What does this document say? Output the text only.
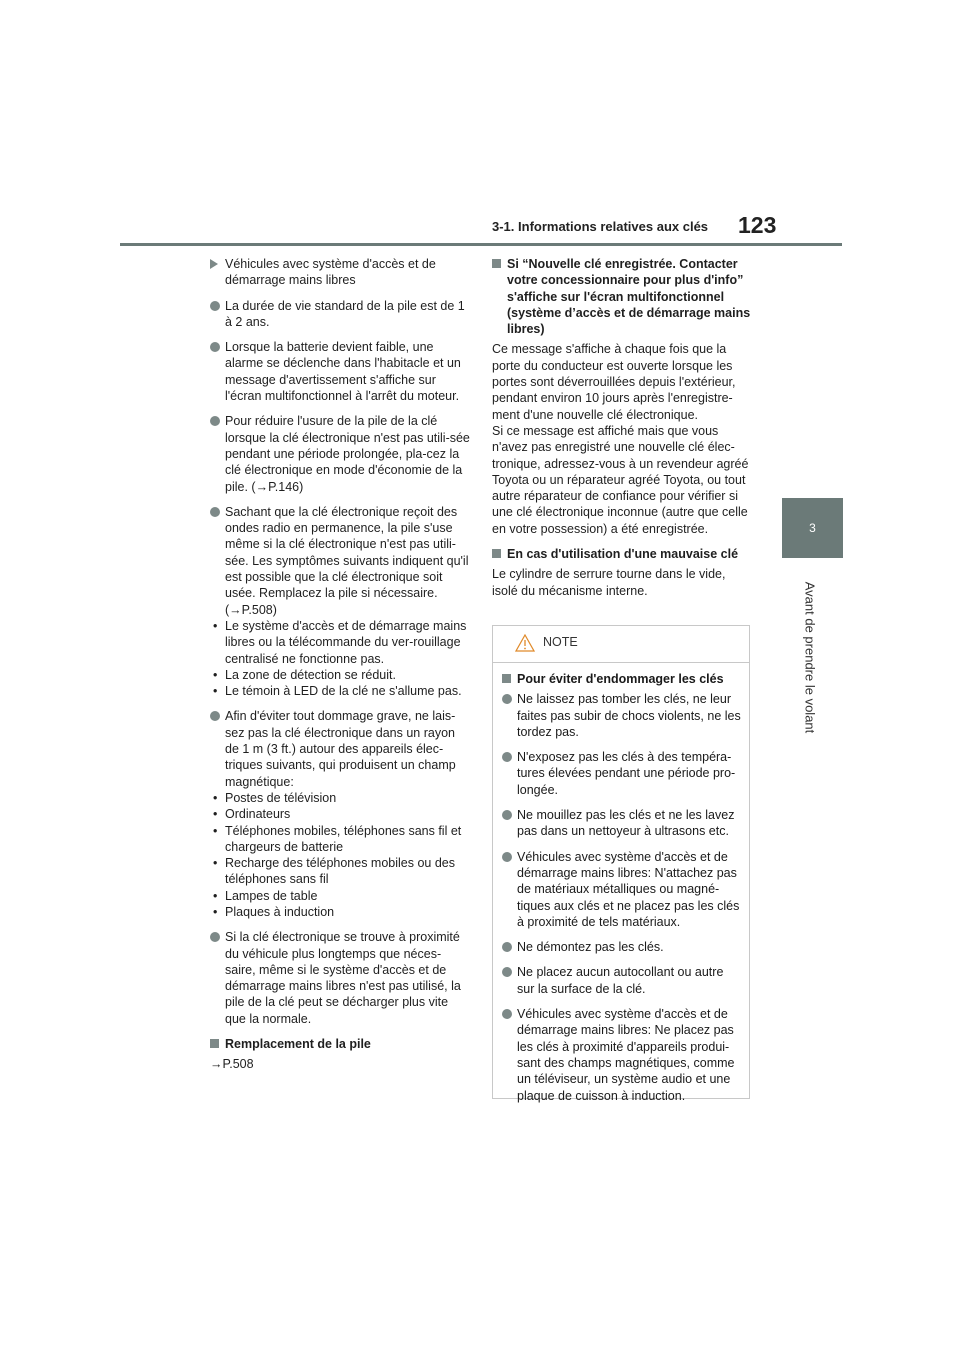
3-1. Informations relatives aux clés 123
3
Avant de prendre le volant
Véhicules avec système d'accès et de démarrage mains libres
La durée de vie standard de la pile est de 1 à 2 ans.
Lorsque la batterie devient faible, une alarme se déclenche dans l'habitacle et un message d'avertissement s'affiche sur l'écran multifonctionnel à l'arrêt du moteur.
Pour réduire l'usure de la pile de la clé lorsque la clé électronique n'est pas utili-sée pendant une période prolongée, pla-cez la clé électronique en mode d'économie de la pile. (→P.146)
Sachant que la clé électronique reçoit des ondes radio en permanence, la pile s'use même si la clé électronique n'est pas utili-sée. Les symptômes suivants indiquent qu'il est possible que la clé électronique soit usée. Remplacez la pile si nécessaire. (→P.508)
• Le système d'accès et de démarrage mains libres ou la télécommande du ver-rouillage centralisé ne fonctionne pas.
• La zone de détection se réduit.
• Le témoin à LED de la clé ne s'allume pas.
Afin d'éviter tout dommage grave, ne lais-sez pas la clé électronique dans un rayon de 1 m (3 ft.) autour des appareils élec-triques suivants, qui produisent un champ magnétique:
• Postes de télévision
• Ordinateurs
• Téléphones mobiles, téléphones sans fil et chargeurs de batterie
• Recharge des téléphones mobiles ou des téléphones sans fil
• Lampes de table
• Plaques à induction
Si la clé électronique se trouve à proximité du véhicule plus longtemps que néces-saire, même si le système d'accès et de démarrage mains libres n'est pas utilisé, la pile de la clé peut se décharger plus vite que la normale.
Remplacement de la pile
→P.508
Si “Nouvelle clé enregistrée. Contacter votre concessionnaire pour plus d'info” s'affiche sur l'écran multifonctionnel (système d’accès et de démarrage mains libres)
Ce message s'affiche à chaque fois que la porte du conducteur est ouverte lorsque les portes sont déverrouillées depuis l'extérieur, pendant environ 10 jours après l'enregistre-ment d'une nouvelle clé électronique.
Si ce message est affiché mais que vous n'avez pas enregistré une nouvelle clé élec-tronique, adressez-vous à un revendeur agréé Toyota ou un réparateur agréé Toyota, ou tout autre réparateur de confiance pour vérifier si une clé électronique inconnue (autre que celle en votre possession) a été enregistrée.
En cas d'utilisation d'une mauvaise clé
Le cylindre de serrure tourne dans le vide, isolé du mécanisme interne.
NOTE
Pour éviter d'endommager les clés
Ne laissez pas tomber les clés, ne leur faites pas subir de chocs violents, ne les tordez pas.
N'exposez pas les clés à des tempéra-tures élevées pendant une période pro-longée.
Ne mouillez pas les clés et ne les lavez pas dans un nettoyeur à ultrasons etc.
Véhicules avec système d'accès et de démarrage mains libres: N'attachez pas de matériaux métalliques ou magné-tiques aux clés et ne placez pas les clés à proximité de tels matériaux.
Ne démontez pas les clés.
Ne placez aucun autocollant ou autre sur la surface de la clé.
Véhicules avec système d'accès et de démarrage mains libres: Ne placez pas les clés à proximité d'appareils produi-sant des champs magnétiques, comme un téléviseur, un système audio et une plaque de cuisson à induction.
